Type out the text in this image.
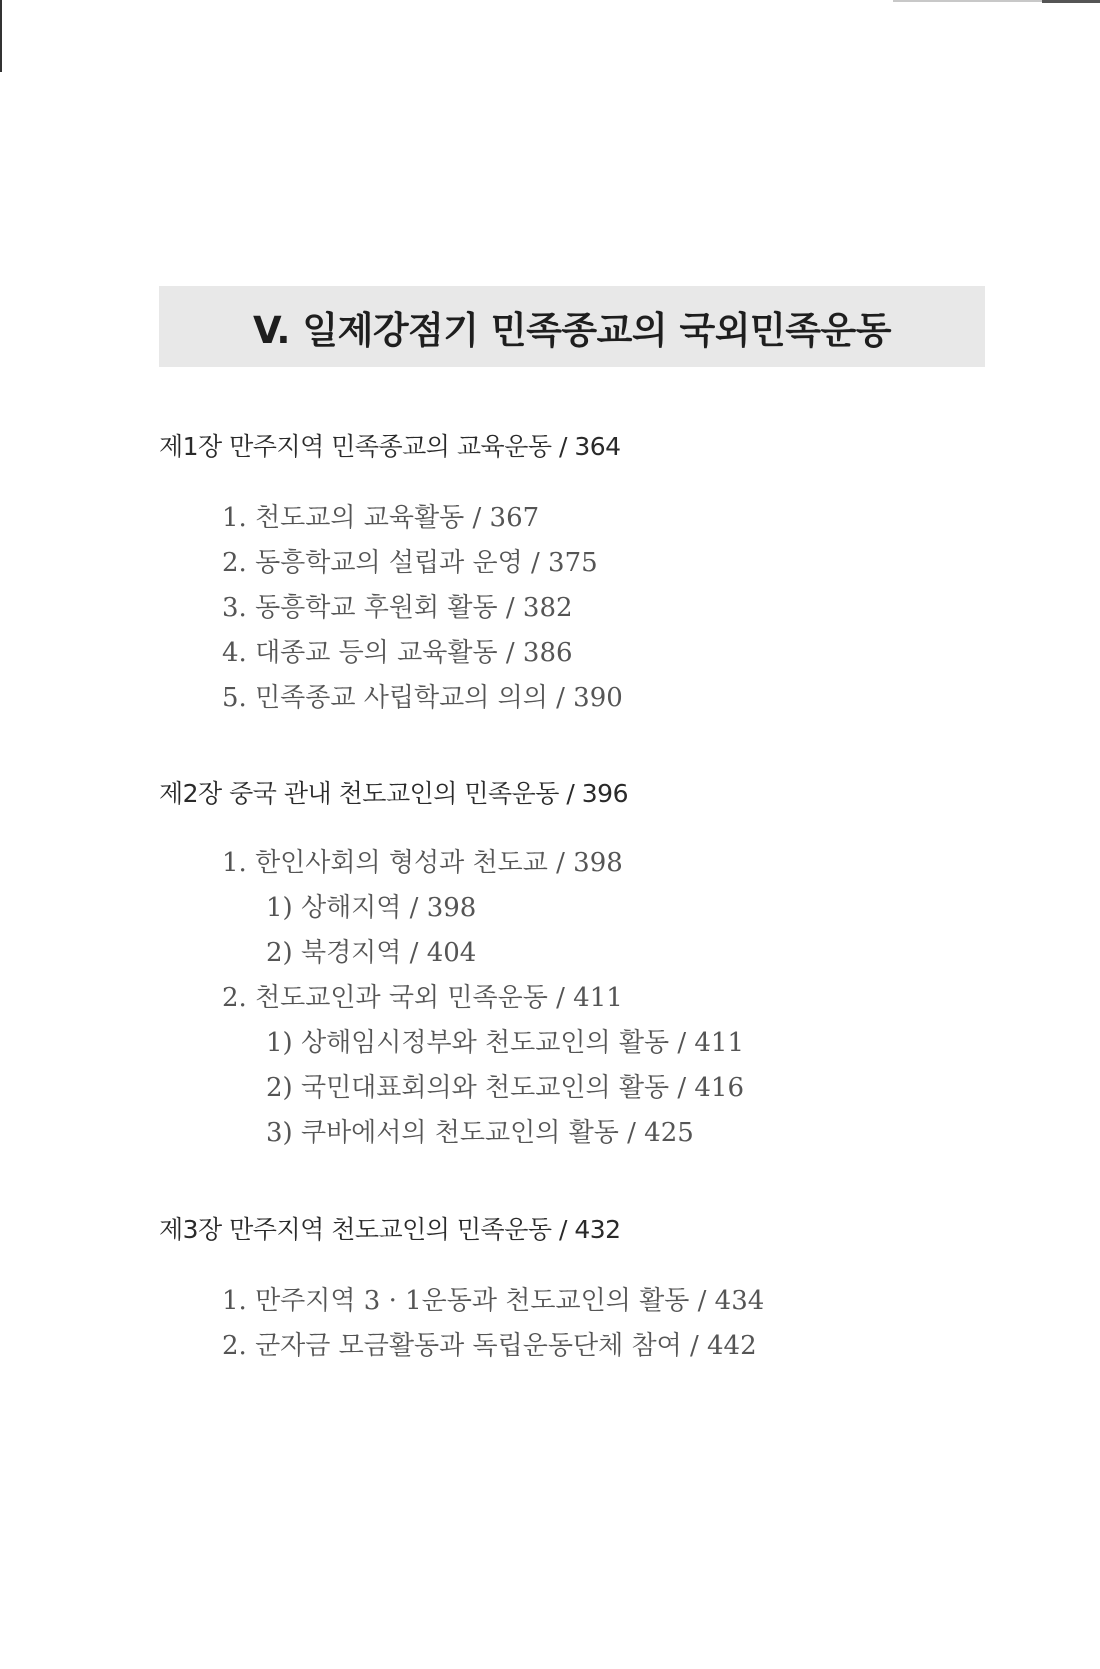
V. 일제강점기 민족종교의 국외민족운동
제1장 만주지역 민족종교의 교육운동 / 364
1. 천도교의 교육활동 / 367
2. 동흥학교의 설립과 운영 / 375
3. 동흥학교 후원회 활동 / 382
4. 대종교 등의 교육활동 / 386
5. 민족종교 사립학교의 의의 / 390
제2장 중국 관내 천도교인의 민족운동 / 396
1. 한인사회의 형성과 천도교 / 398
1) 상해지역 / 398
2) 북경지역 / 404
2. 천도교인과 국외 민족운동 / 411
1) 상해임시정부와 천도교인의 활동 / 411
2) 국민대표회의와 천도교인의 활동 / 416
3) 쿠바에서의 천도교인의 활동 / 425
제3장 만주지역 천도교인의 민족운동 / 432
1. 만주지역 3 · 1운동과 천도교인의 활동 / 434
2. 군자금 모금활동과 독립운동단체 참여 / 442
